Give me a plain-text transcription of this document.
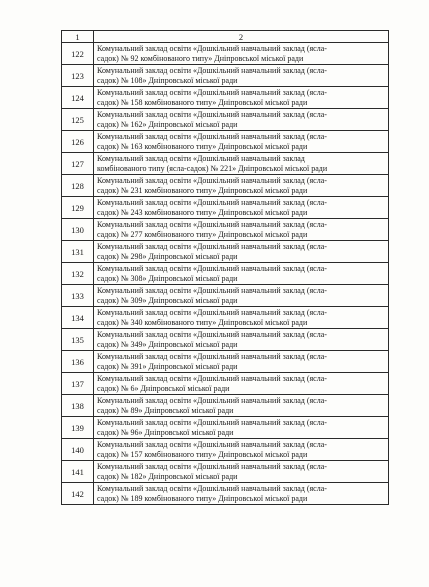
1	2
122	Комунальний заклад освіти «Дошкільний навчальний заклад (ясла-
садок) № 92 комбінованого типу» Дніпровської міської ради

123	Комунальний заклад освіти «Дошкільний навчальний заклад (ясла-
садок) № 108» Дніпровської міської ради

124	Комунальний заклад освіти «Дошкільний навчальний заклад (ясла-
садок) № 158 комбінованого типу» Дніпровської міської ради

125	Комунальний заклад освіти «Дошкільний навчальний заклад (ясла-
садок) № 162» Дніпровської міської ради

126	Комунальний заклад освіти «Дошкільний навчальний заклад (ясла-
садок) № 163 комбінованого типу» Дніпровської міської ради

127	Комунальний заклад освіти «Дошкільний навчальний заклад
комбінованого типу (ясла-садок) № 221» Дніпровської міської ради

128	Комунальний заклад освіти «Дошкільний навчальний заклад (ясла-
садок) № 231 комбінованого типу» Дніпровської міської ради

129	Комунальний заклад освіти «Дошкільний навчальний заклад (ясла-
садок) № 243 комбінованого типу» Дніпровської міської ради

130	Комунальний заклад освіти «Дошкільний навчальний заклад (ясла-
садок) № 277 комбінованого типу» Дніпровської міської ради

131	Комунальний заклад освіти «Дошкільний навчальний заклад (ясла-
садок) № 298» Дніпровської міської ради

132	Комунальний заклад освіти «Дошкільний навчальний заклад (ясла-
садок) № 308» Дніпровської міської ради

133	Комунальний заклад освіти «Дошкільний навчальний заклад (ясла-
садок) № 309» Дніпровської міської ради

134	Комунальний заклад освіти «Дошкільний навчальний заклад (ясла-
садок) № 340 комбінованого типу» Дніпровської міської ради

135	Комунальний заклад освіти «Дошкільний навчальний заклад (ясла-
садок) № 349» Дніпровської міської ради

136	Комунальний заклад освіти «Дошкільний навчальний заклад (ясла-
садок) № 391» Дніпровської міської ради

137	Комунальний заклад освіти «Дошкільний навчальний заклад (ясла-
садок) № 6» Дніпровської міської ради

138	Комунальний заклад освіти «Дошкільний навчальний заклад (ясла-
садок) № 89» Дніпровської міської ради

139	Комунальний заклад освіти «Дошкільний навчальний заклад (ясла-
садок) № 96» Дніпровської міської ради

140	Комунальний заклад освіти «Дошкільний навчальний заклад (ясла-
садок) № 157 комбінованого типу» Дніпровської міської ради

141	Комунальний заклад освіти «Дошкільний навчальний заклад (ясла-
садок) № 182» Дніпровської міської ради

142	Комунальний заклад освіти «Дошкільний навчальний заклад (ясла-
садок) № 189 комбінованого типу» Дніпровської міської ради
